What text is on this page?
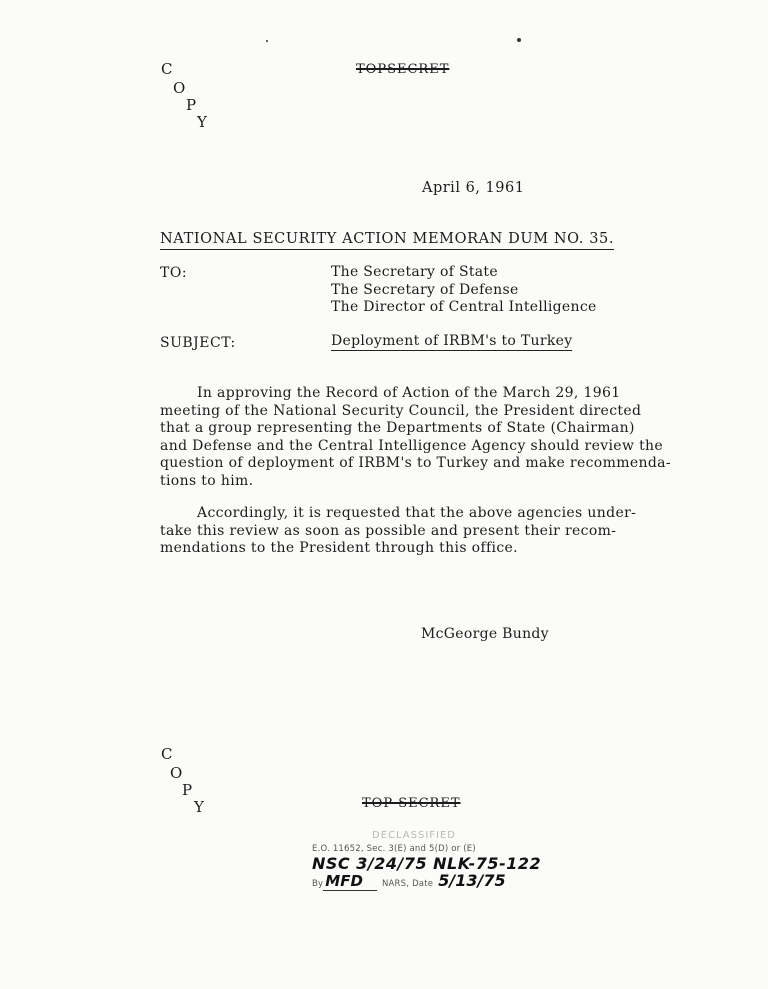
C
O
P
Y
TOPSECRET
April 6, 1961
NATIONAL SECURITY ACTION MEMORAN DUM NO. 35.
TO:	The Secretary of State
The Secretary of Defense
The Director of Central Intelligence
SUBJECT:	Deployment of IRBM's to Turkey
In approving the Record of Action of the March 29, 1961
meeting of the National Security Council, the President directed
that a group representing the Departments of State (Chairman)
and Defense and the Central Intelligence Agency should review the
question of deployment of IRBM's to Turkey and make recommenda-
tions to him.
Accordingly, it is requested that the above agencies under-
take this review as soon as possible and present their recom-
mendations to the President through this office.
McGeorge Bundy
C
O
P
Y	TOP SECRET
DECLASSIFIED
E.O. 11652, Sec. 3(E) and 5(D) or (E)
NSC 3/24/75 NLK-75-122
By MFD NARS, Date 5/13/75
